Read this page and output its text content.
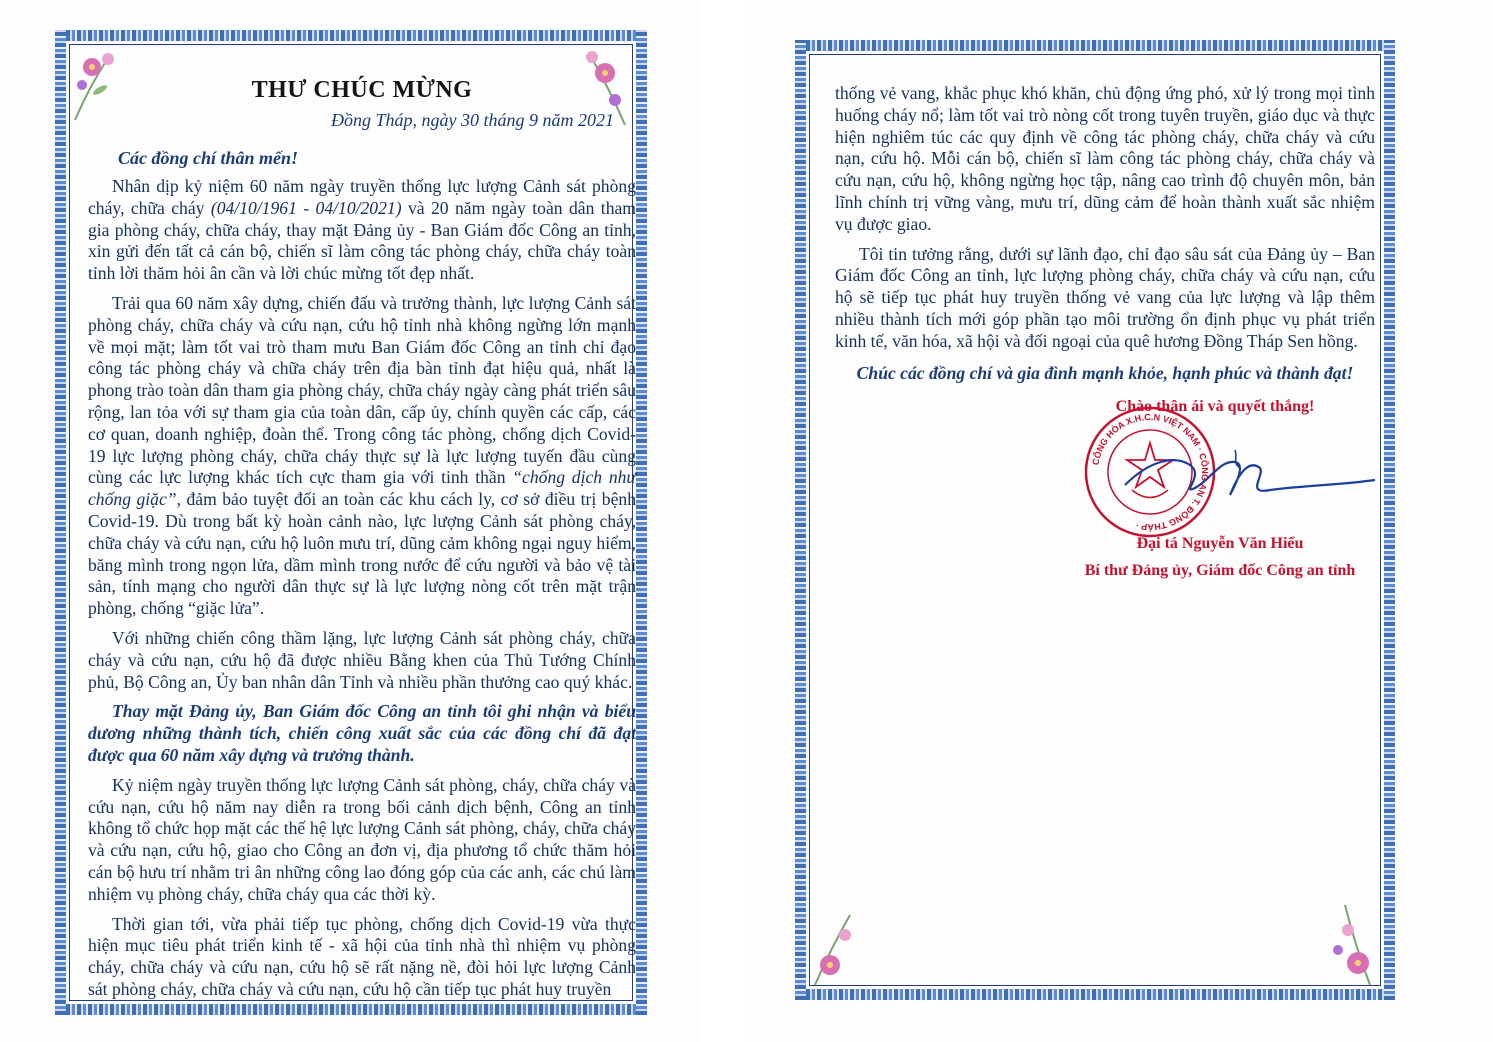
THƯ CHÚC MỪNG
Đồng Tháp, ngày 30 tháng 9 năm 2021
Các đồng chí thân mến!

Nhân dịp kỷ niệm 60 năm ngày truyền thống lực lượng Cảnh sát phòng cháy, chữa cháy (04/10/1961 - 04/10/2021) và 20 năm ngày toàn dân tham gia phòng cháy, chữa cháy, thay mặt Đảng ủy - Ban Giám đốc Công an tỉnh, xin gửi đến tất cả cán bộ, chiến sĩ làm công tác phòng cháy, chữa cháy toàn tỉnh lời thăm hỏi ân cần và lời chúc mừng tốt đẹp nhất.

Trải qua 60 năm xây dựng, chiến đấu và trưởng thành, lực lượng Cảnh sát phòng cháy, chữa cháy và cứu nạn, cứu hộ tỉnh nhà không ngừng lớn mạnh về mọi mặt; làm tốt vai trò tham mưu Ban Giám đốc Công an tỉnh chỉ đạo công tác phòng cháy và chữa cháy trên địa bàn tỉnh đạt hiệu quả, nhất là phong trào toàn dân tham gia phòng cháy, chữa cháy ngày càng phát triển sâu rộng, lan tỏa với sự tham gia của toàn dân, cấp ủy, chính quyền các cấp, các cơ quan, doanh nghiệp, đoàn thể. Trong công tác phòng, chống dịch Covid-19 lực lượng phòng cháy, chữa cháy thực sự là lực lượng tuyến đầu cùng cùng các lực lượng khác tích cực tham gia với tinh thần “chống dịch như chống giặc”, đảm bảo tuyệt đối an toàn các khu cách ly, cơ sở điều trị bệnh Covid-19. Dù trong bất kỳ hoàn cảnh nào, lực lượng Cảnh sát phòng cháy, chữa cháy và cứu nạn, cứu hộ luôn mưu trí, dũng cảm không ngại nguy hiểm, băng mình trong ngọn lửa, dầm mình trong nước để cứu người và bảo vệ tài sản, tính mạng cho người dân thực sự là lực lượng nòng cốt trên mặt trận phòng, chống “giặc lửa”.

Với những chiến công thầm lặng, lực lượng Cảnh sát phòng cháy, chữa cháy và cứu nạn, cứu hộ đã được nhiều Bằng khen của Thủ Tướng Chính phủ, Bộ Công an, Ủy ban nhân dân Tỉnh và nhiều phần thưởng cao quý khác.

Thay mặt Đảng ủy, Ban Giám đốc Công an tỉnh tôi ghi nhận và biểu dương những thành tích, chiến công xuất sắc của các đồng chí đã đạt được qua 60 năm xây dựng và trưởng thành.

Kỷ niệm ngày truyền thống lực lượng Cảnh sát phòng, cháy, chữa cháy và cứu nạn, cứu hộ năm nay diễn ra trong bối cảnh dịch bệnh, Công an tỉnh không tổ chức họp mặt các thế hệ lực lượng Cảnh sát phòng, cháy, chữa cháy và cứu nạn, cứu hộ, giao cho Công an đơn vị, địa phương tổ chức thăm hỏi cán bộ hưu trí nhằm tri ân những công lao đóng góp của các anh, các chú làm nhiệm vụ phòng cháy, chữa cháy qua các thời kỳ.

Thời gian tới, vừa phải tiếp tục phòng, chống dịch Covid-19 vừa thực hiện mục tiêu phát triển kinh tế - xã hội của tỉnh nhà thì nhiệm vụ phòng cháy, chữa cháy và cứu nạn, cứu hộ sẽ rất nặng nề, đòi hỏi lực lượng Cảnh sát phòng cháy, chữa cháy và cứu nạn, cứu hộ cần tiếp tục phát huy truyền

thống vẻ vang, khắc phục khó khăn, chủ động ứng phó, xử lý trong mọi tình huống cháy nổ; làm tốt vai trò nòng cốt trong tuyên truyền, giáo dục và thực hiện nghiêm túc các quy định về công tác phòng cháy, chữa cháy và cứu nạn, cứu hộ. Mỗi cán bộ, chiến sĩ làm công tác phòng cháy, chữa cháy và cứu nạn, cứu hộ, không ngừng học tập, nâng cao trình độ chuyên môn, bản lĩnh chính trị vững vàng, mưu trí, dũng cảm để hoàn thành xuất sắc nhiệm vụ được giao.

Tôi tin tưởng rằng, dưới sự lãnh đạo, chỉ đạo sâu sát của Đảng ủy – Ban Giám đốc Công an tỉnh, lực lượng phòng cháy, chữa cháy và cứu nạn, cứu hộ sẽ tiếp tục phát huy truyền thống vẻ vang của lực lượng và lập thêm nhiều thành tích mới góp phần tạo môi trường ổn định phục vụ phát triển kinh tế, văn hóa, xã hội và đối ngoại của quê hương Đồng Tháp Sen hồng.

Chúc các đồng chí và gia đình mạnh khỏe, hạnh phúc và thành đạt!
Chào thân ái và quyết thắng!
CÔNG HÒA X.H.C.N VIỆT NAM · CÔNG AN T. ĐỒNG THÁP ·
Đại tá Nguyễn Văn Hiểu
Bí thư Đảng ủy, Giám đốc Công an tỉnh
